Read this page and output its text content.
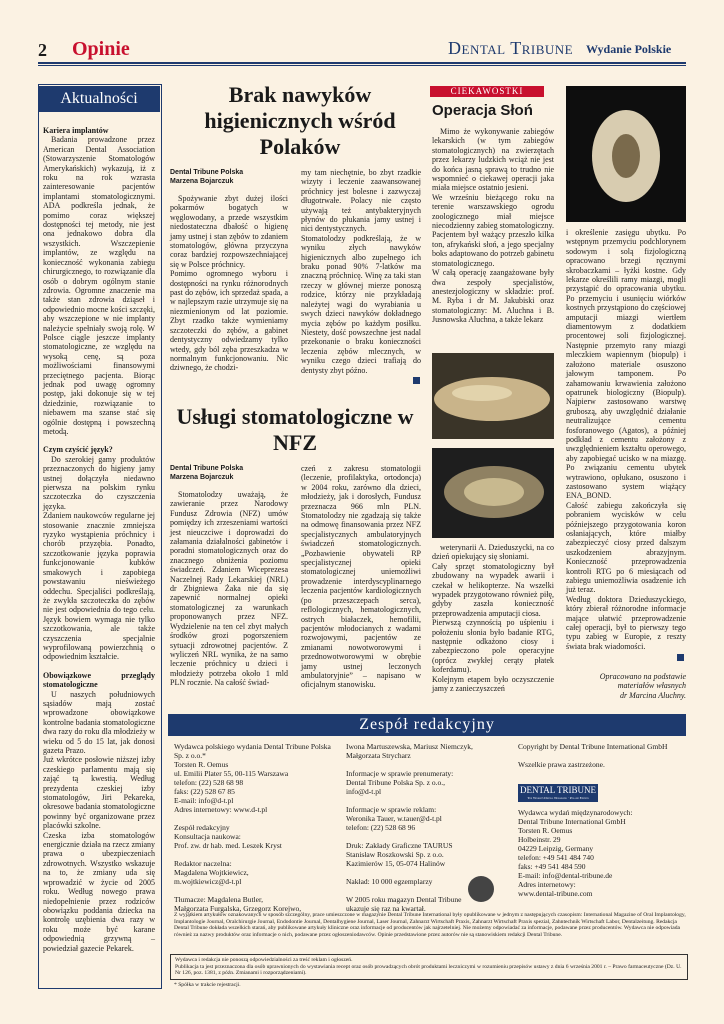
2 Opinie	Dental Tribune Wydanie Polskie
Aktualności
Kariera implantów
Badania prowadzone przez American Dental Association (Stowarzyszenie Stomatologów Amerykańskich) wykazują, iż z roku na rok wzrasta zainteresowanie pacjentów implantami stomatologicznymi. ADA podkreśla jednak, że pomimo coraz większej dostępności tej metody, nie jest ona jednakowo dobra dla wszystkich. Wszczepienie implantów, ze względu na konieczność wykonania zabiegu chirurgicznego, to rozwiązanie dla osób o dobrym ogólnym stanie zdrowia. Ogromne znaczenie ma także stan zdrowia dziąseł i odpowiednio mocne kości szczęki, aby wszczepione w nie implanty należycie spełniały swoją rolę. W Polsce ciągle jeszcze implanty stomatologiczne, ze względu na wysoką cenę, są poza możliwościami finansowymi przeciętnego pacjenta. Biorąc jednak pod uwagę ogromny postęp, jaki dokonuje się w tej dziedzinie, rozwiązanie to niebawem ma szanse stać się ogólnie dostępną i powszechną metodą.
Czym czyścić język?
Do szerokiej gamy produktów przeznaczonych do higieny jamy ustnej dołączyła niedawno pierwsza na polskim rynku szczoteczka do czyszczenia języka.
Zdaniem naukowców regularne jej stosowanie znacznie zmniejsza ryzyko wystąpienia próchnicy i chorób przyzębia. Ponadto, szczotkowanie języka poprawia funkcjonowanie kubków smakowych i zapobiega powstawaniu nieświeżego oddechu. Specjaliści podkreślają, że zwykła szczoteczka do zębów nie jest odpowiednia do tego celu. Język bowiem wymaga nie tylko szczotkowania, ale także czyszczenia specjalnie wyprofilowaną powierzchnią o odpowiednim kształcie.
Obowiązkowe przeglądy stomatologiczne
U naszych południowych sąsiadów mają zostać wprowadzone obowiązkowe kontrolne badania stomatologiczne dwa razy do roku dla młodzieży w wieku od 5 do 15 lat, jak donosi gazeta Prazo.
Już wkrótce posłowie niższej izby czeskiego parlamentu mają się zająć tą kwestią. Według prezydenta czeskiej izby stomatologów, Jiri Pekareka, okresowe badania stomatologiczne powinny być organizowane przez placówki szkolne.
Czeska izba stomatologów energicznie działa na rzecz zmiany prawa o ubezpieczeniach zdrowotnych. Wszystko wskazuje na to, że zmiany uda się wprowadzić w życie od 2005 roku. Według nowego prawa niedopełnienie przez rodziców obowiązku poddania dziecka na kontrolę uzębienia dwa razy w roku może być karane odpowiednią grzywną – powiedział gazecie Pekarek.
Brak nawyków higienicznych wśród Polaków
Dental Tribune Polska
Marzena Bojarczuk
Spożywanie zbyt dużej ilości pokarmów bogatych w węglowodany, a przede wszystkim niedostateczna dbałość o higienę jamy ustnej i stan zębów to zdaniem stomatologów, główna przyczyna coraz bardziej rozpowszechniającej się w Polsce próchnicy.
Pomimo ogromnego wyboru i dostępności na rynku różnorodnych past do zębów, ich sprzedaż spada, a w najlepszym razie utrzymuje się na niezmienionym od lat poziomie. Zbyt rzadko także wymieniamy szczoteczki do zębów, a gabinet dentystyczny odwiedzamy tylko wtedy, gdy ból zęba przeszkadza w normalnym funkcjonowaniu. Nic dziwnego, że chodzi-
my tam niechętnie, bo zbyt rzadkie wizyty i leczenie zaawansowanej próchnicy jest bolesne i zazwyczaj długotrwałe. Polacy nie często używają też antybakteryjnych płynów do płukania jamy ustnej i nici dentystycznych.
Stomatolodzy podkreślają, że w wyniku złych nawyków higienicznych albo zupełnego ich braku ponad 90% 7-latków ma znaczną próchnicę. Winę za taki stan rzeczy w głównej mierze ponoszą rodzice, którzy nie przykładają należytej wagi do wyrabiania u swych dzieci nawyków dokładnego mycia zębów po każdym posiłku. Niestety, dość powszechne jest nadal przekonanie o braku konieczności leczenia zębów mlecznych, w wyniku czego dzieci trafiają do dentysty zbyt późno.
Usługi stomatologiczne w NFZ
Dental Tribune Polska
Marzena Bojarczuk
Stomatolodzy uważają, że zawieranie przez Narodowy Fundusz Zdrowia (NFZ) umów pomiędzy ich zrzeszeniami wartości jest nieuczciwe i doprowadzi do załamania działalności gabinetów i poradni stomatologicznych oraz do znacznego obniżenia poziomu świadczeń. Zdaniem Wiceprezesa Naczelnej Rady Lekarskiej (NRL) dr Zbigniewa Żaka nie da się zapewnić normalnej opieki stomatologicznej za warunkach proponowanych przez NFZ. Wydzielenie na ten cel zbyt małych środków grozi pogorszeniem sytuacji zdrowotnej pacjentów. Z wyliczeń NRL wynika, że na samo leczenie próchnicy u dzieci i młodzieży potrzeba około 1 mld PLN rocznie. Na całość świad-
czeń z zakresu stomatologii (leczenie, profilaktyka, ortodoncja) w 2004 roku, zarówno dla dzieci, młodzieży, jak i dorosłych, Fundusz przeznacza 966 mln PLN. Stomatolodzy nie zgadzają się także na odmowę finansowania przez NFZ specjalistycznych ambulatoryjnych świadczeń stomatologicznych. „Pozbawienie obywateli RP specjalistycznej opieki stomatologicznej uniemożliwi prowadzenie interdyscyplinarnego leczenia pacjentów kardiologicznych (po przeszczepach serca), reflologicznych, hematologicznych, ostrych białaczek, hemofilii, pacjentów młodocianych z wadami rozwojowymi, pacjentów ze zmianami nowotworowymi i przednowotworowymi w obrębie jamy ustnej leczonych ambulatoryjnie” – napisano w oficjalnym stanowisku.
CIEKAWOSTKI
Operacja Słoń
Mimo że wykonywanie zabiegów lekarskich (w tym zabiegów stomatologicznych) na zwierzętach przez lekarzy ludzkich wciąż nie jest do końca jasną sprawą to trudno nie wspomnieć o ciekawej operacji jaka miała miejsce ostatnio jesieni.
We wrześniu bieżącego roku na terenie warszawskiego ogrodu zoologicznego miał miejsce niecodzienny zabieg stomatologiczny. Pacjentem był ważący przeszło kilka ton, afrykański słoń, a jego specjalny boks adaptowano do potrzeb gabinetu stomatologicznego.
W całą operację zaangażowane były dwa zespoły specjalistów, anestezjologiczny w składzie: prof. M. Ryba i dr M. Jakubiski oraz stomatologiczny: M. Aluchna i B. Jusnowska Aluchna, a także lekarz
weterynarii A. Dzieduszycki, na co dzień opiekujący się słoniami.
Cały sprzęt stomatologiczny był zbudowany na wypadek awarii i czekał w helikopterze. Na wszelki wypadek przygotowano również piłę, gdyby zaszła konieczność przeprowadzenia amputacji ciosa.
Pierwszą czynnością po uśpieniu i położeniu słonia było badanie RTG, następnie odkażono ciosy i zabezpieczono pole operacyjne (oprócz zwykłej cerąty płatek koferdamu).
Kolejnym etapem było oczyszczenie jamy z zanieczyszczeń
i określenie zasięgu ubytku. Po wstępnym przemyciu podchlorynem sodowym i solą fizjologiczną opracowano brzegi ręcznymi skrobaczkami – łyżki kostne. Gdy lekarze określili ramy miazgi, mogli przystąpić do opracowania ubytku. Po przemyciu i usunięciu wiórków kostnych przystąpiono do częściowej amputacji miazgi wiertłem diamentowym z dodatkiem procentowej soli fizjologicznej. Następnie przemyto rany miazgi mleczkiem wapiennym (biopulp) i założono materiale osuszono jałowym tamponem. Po zahamowaniu krwawienia założono opatrunek biologiczny (Biopulp). Najpierw zastosowano warstwę gruboszą, aby uwzględnić działanie neutralizujące cementu fosforanowego (Agatos), a później podkład z cementu założony z uwzględnieniem kształtu operowego, aby zapobiegać ucisko w na miazgę. Po związaniu cementu ubytek wytrawiono, opłukano, osuszono i zastosowano system wiążący ENA_BOND.
Całość zabiegu zakończyła się pobraniem wycisków w celu późniejszego przygotowania koron osłaniających, które miałby zabezpieczyć ciosy przed dalszym uszkodzeniem abrazyjnym. Konieczność przeprowadzenia kontroli RTG po 6 miesiącach od zabiegu uniemożliwia osadzenie ich już teraz.
Według doktora Dzieduszyckiego, który zbierał różnorodne informacje mające ułatwić przeprowadzenie całej operacji, był to pierwszy tego typu zabieg w Europie, z reszty świata brak wiadomości.
Opracowano na podstawie
materiałów własnych
dr Marcina Aluchny.
Zespół redakcyjny
Wydawca polskiego wydania Dental Tribune Polska Sp. z o.o.*
Torsten R. Oemus
ul. Emilii Plater 55, 00-115 Warszawa
telefon: (22) 528 68 98
faks: (22) 528 67 85
E-mail: info@d-t.pl
Adres internetowy: www.d-t.pl

Zespół redakcyjny
Konsultacja naukowa:
Prof. zw. dr hab. med. Leszek Kryst

Redaktor naczelna:
Magdalena Wojtkiewicz,
m.wojtkiewicz@d-t.pl

Tłumacze: Magdalena Butler,
Małgorzata Furgalska, Grzegorz Korejwo,
Iwona Martuszewska, Mariusz Niemczyk,
Małgorzata Strycharz

Informacje w sprawie prenumeraty:
Dental Tribune Polska Sp. z o.o.,
info@d-t.pl

Informacje w sprawie reklam:
Weronika Tauer, w.tauer@d-t.pl
telefon: (22) 528 68 96

Druk: Zakłady Graficzne TAURUS
Stanisław Roszkowski Sp. z o.o.
Kazimierów 15, 05-074 Halinów

Nakład: 10 000 egzemplarzy

W 2005 roku magazyn Dental Tribune
ukazuje się raz na kwartał.
Copyright by Dental Tribune International GmbH

Wszelkie prawa zastrzeżone.
DENTAL TRIBUNE
The World's Dental Newspaper · Poland Edition
Wydawca wydań międzynarodowych:
Dental Tribune International GmbH
Torsten R. Oemus
Holbeinstr. 29
04229 Leipzig, Germany
telefon: +49 541 484 740
faks: +49 541 484 590
E-mail: info@dental-tribune.de
Adres internetowy:
www.dental-tribune.com
Z wyjątkiem artykułów oznakowanych w sposób szczególny, prace umieszczone w magazynie Dental Tribune International były opublikowane w jednym z następujących czasopism: International Magazine of Oral Implantology, Implantologie Journal, Oralchirurgie Journal, Endodontie Journal, Dentalhygiene Journal, Laser Journal, Zahnarzt Wirtschaft Praxis, Zahnarzt Wirtschaft Praxis spezial, Zahntechnik Wirtschaft Labor, Dentalzeitung. Redakcja Dental Tribune dokłada wszelkich starań, aby publikowane artykuły kliniczne oraz informacje od producentów jak najrzetelniej. Nie możemy odpowiadać za informacje, podawane przez producentów. Wydawca nie odpowiada również za nazwy produktów oraz informacje o nich, podawane przez ogłoszeniodawców. Opinie przedstawione przez autorów nie są stanowiskiem redakcji Dental Tribune.
Wydawca i redakcja nie ponoszą odpowiedzialności za treść reklam i ogłoszeń.
Publikacja ta jest przeznaczona dla osób uprawnionych do wystawiania recept oraz osób prowadzących obrót produktami leczniczymi w rozumieniu przepisów ustawy z dnia 6 września 2001 r. – Prawo farmaceutyczne (Dz. U. Nr 126, poz. 1381, z późn. Zmianami i rozporządzeniami).
* Spółka w trakcie rejestracji.
